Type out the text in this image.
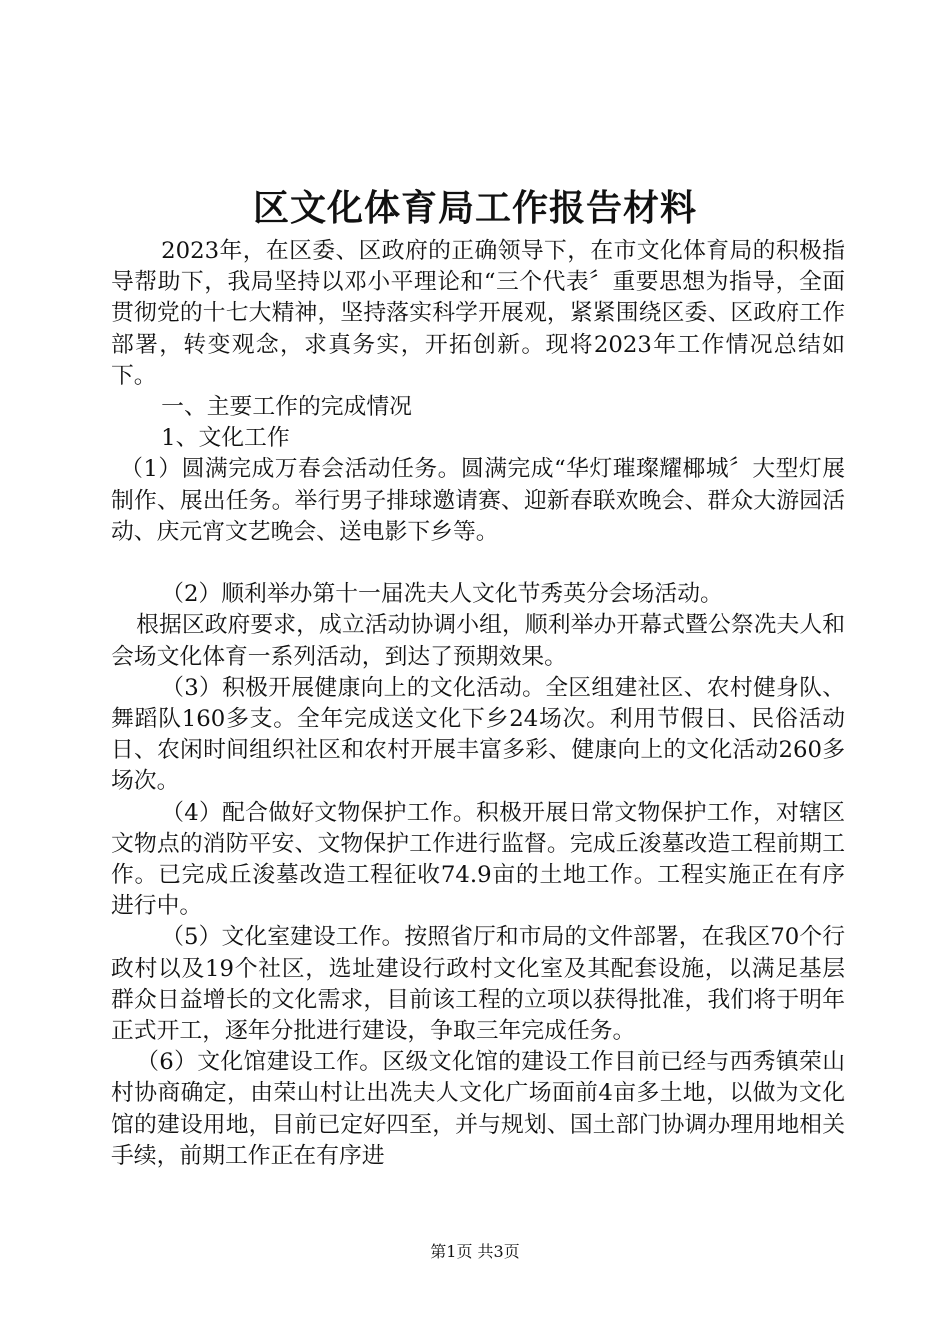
区文化体育局工作报告材料

2023年，在区委、区政府的正确领导下，在市文化体育局的积极指导帮助下，我局坚持以邓小平理论和“三个代表〞重要思想为指导，全面贯彻党的十七大精神，坚持落实科学开展观，紧紧围绕区委、区政府工作部署，转变观念，求真务实，开拓创新。现将2023年工作情况总结如下。

一、主要工作的完成情况

1、文化工作

（1）圆满完成万春会活动任务。圆满完成“华灯璀璨耀椰城〞大型灯展制作、展出任务。举行男子排球邀请赛、迎新春联欢晚会、群众大游园活动、庆元宵文艺晚会、送电影下乡等。

（2）顺利举办第十一届冼夫人文化节秀英分会场活动。

根据区政府要求，成立活动协调小组，顺利举办开幕式暨公祭冼夫人和会场文化体育一系列活动，到达了预期效果。

（3）积极开展健康向上的文化活动。全区组建社区、农村健身队、舞蹈队160多支。全年完成送文化下乡24场次。利用节假日、民俗活动日、农闲时间组织社区和农村开展丰富多彩、健康向上的文化活动260多场次。

（4）配合做好文物保护工作。积极开展日常文物保护工作，对辖区文物点的消防平安、文物保护工作进行监督。完成丘浚墓改造工程前期工作。已完成丘浚墓改造工程征收74.9亩的土地工作。工程实施正在有序进行中。

（5）文化室建设工作。按照省厅和市局的文件部署，在我区70个行政村以及19个社区，选址建设行政村文化室及其配套设施，以满足基层群众日益增长的文化需求，目前该工程的立项以获得批准，我们将于明年正式开工，逐年分批进行建设，争取三年完成任务。

（6）文化馆建设工作。区级文化馆的建设工作目前已经与西秀镇荣山村协商确定，由荣山村让出冼夫人文化广场面前4亩多土地，以做为文化馆的建设用地，目前已定好四至，并与规划、国土部门协调办理用地相关手续，前期工作正在有序进

第1页 共3页
